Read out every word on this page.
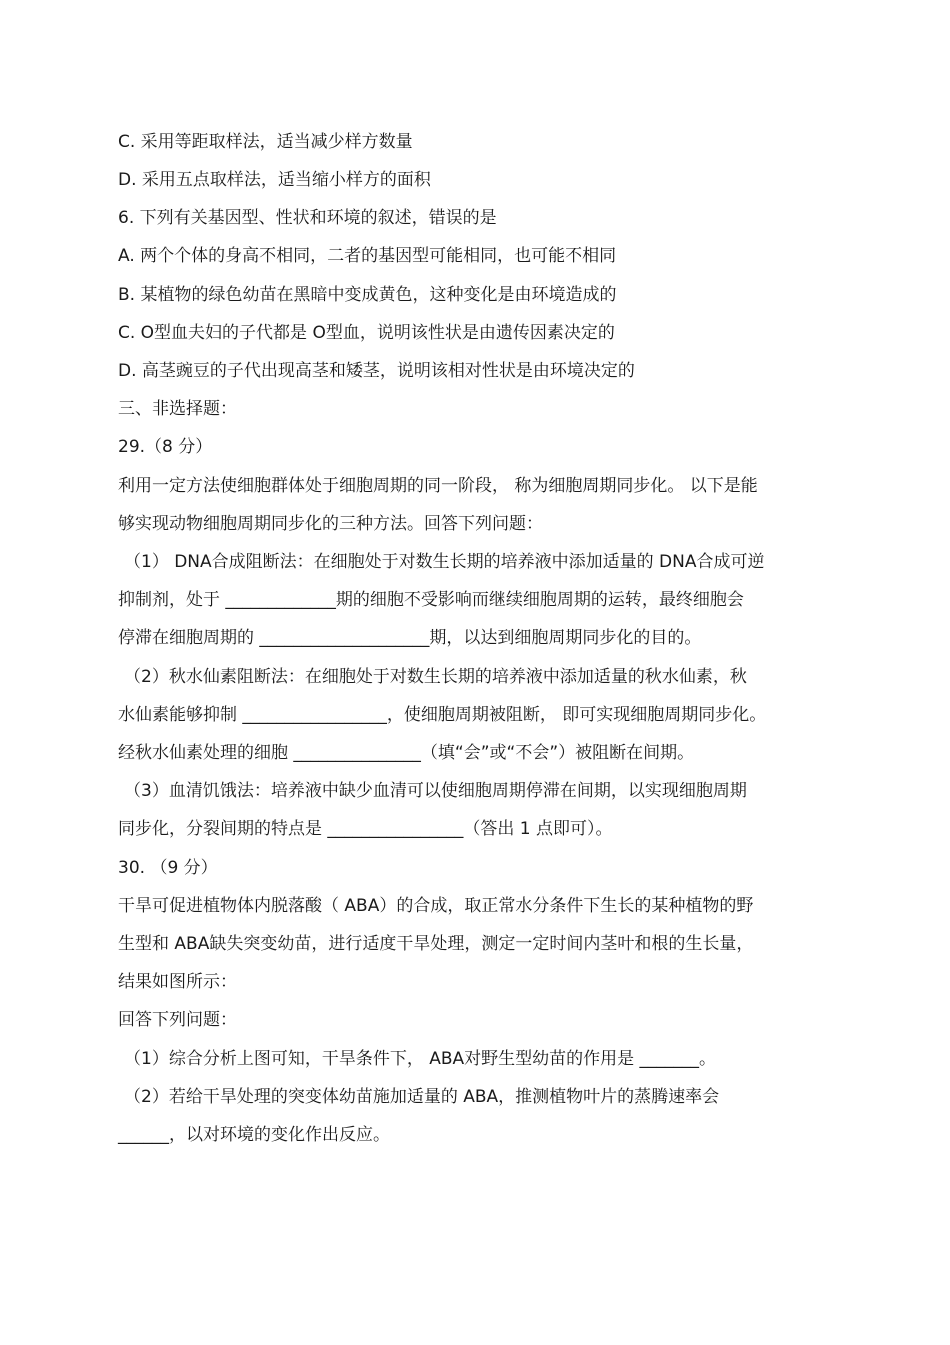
C. 采用等距取样法，适当减少样方数量
D. 采用五点取样法，适当缩小样方的面积
6. 下列有关基因型、性状和环境的叙述，错误的是
A. 两个个体的身高不相同，二者的基因型可能相同，也可能不相同
B. 某植物的绿色幼苗在黑暗中变成黄色，这种变化是由环境造成的
C. O型血夫妇的子代都是 O型血，说明该性状是由遗传因素决定的
D. 高茎豌豆的子代出现高茎和矮茎，说明该相对性状是由环境决定的
三、非选择题：
29.（8 分）
利用一定方法使细胞群体处于细胞周期的同一阶段， 称为细胞周期同步化。 以下是能
够实现动物细胞周期同步化的三种方法。回答下列问题：
（1） DNA合成阻断法：在细胞处于对数生长期的培养液中添加适量的 DNA合成可逆
抑制剂，处于 _____________期的细胞不受影响而继续细胞周期的运转，最终细胞会
停滞在细胞周期的 ____________________期，以达到细胞周期同步化的目的。
（2）秋水仙素阻断法：在细胞处于对数生长期的培养液中添加适量的秋水仙素，秋
水仙素能够抑制 _________________，使细胞周期被阻断， 即可实现细胞周期同步化。
经秋水仙素处理的细胞 _______________（填“会”或“不会”）被阻断在间期。
（3）血清饥饿法：培养液中缺少血清可以使细胞周期停滞在间期，以实现细胞周期
同步化，分裂间期的特点是 ________________（答出 1 点即可）。
30. （9 分）
干旱可促进植物体内脱落酸（ ABA）的合成，取正常水分条件下生长的某种植物的野
生型和 ABA缺失突变幼苗，进行适度干旱处理，测定一定时间内茎叶和根的生长量，
结果如图所示：
回答下列问题：
（1）综合分析上图可知，干旱条件下， ABA对野生型幼苗的作用是 _______。
（2）若给干旱处理的突变体幼苗施加适量的 ABA，推测植物叶片的蒸腾速率会
______，以对环境的变化作出反应。
